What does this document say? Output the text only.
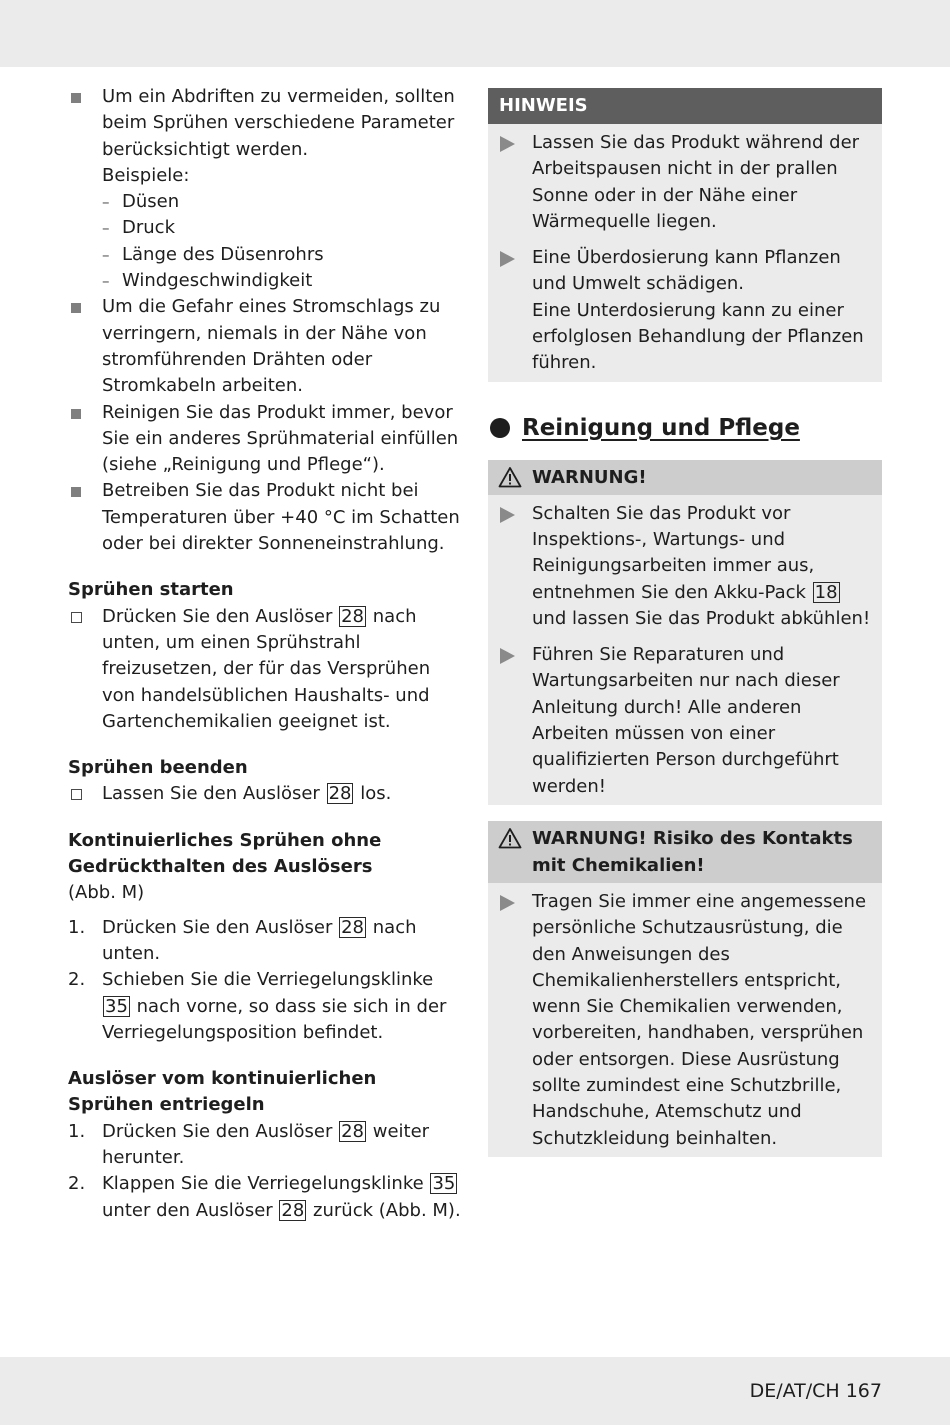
Um ein Abdriften zu vermeiden, sollten beim Sprühen verschiedene Parameter berücksichtigt werden.
Beispiele:
– Düsen
– Druck
– Länge des Düsenrohrs
– Windgeschwindigkeit
Um die Gefahr eines Stromschlags zu verringern, niemals in der Nähe von stromführenden Drähten oder Stromkabeln arbeiten.
Reinigen Sie das Produkt immer, bevor Sie ein anderes Sprühmaterial einfüllen (siehe „Reinigung und Pflege“).
Betreiben Sie das Produkt nicht bei Temperaturen über +40 °C im Schatten oder bei direkter Sonneneinstrahlung.
Sprühen starten
Drücken Sie den Auslöser 28 nach unten, um einen Sprühstrahl freizusetzen, der für das Versprühen von handelsüblichen Haushalts- und Gartenchemikalien geeignet ist.
Sprühen beenden
Lassen Sie den Auslöser 28 los.
Kontinuierliches Sprühen ohne Gedrückthalten des Auslösers
(Abb. M)
1. Drücken Sie den Auslöser 28 nach unten.
2. Schieben Sie die Verriegelungsklinke 35 nach vorne, so dass sie sich in der Verriegelungsposition befindet.
Auslöser vom kontinuierlichen Sprühen entriegeln
1. Drücken Sie den Auslöser 28 weiter herunter.
2. Klappen Sie die Verriegelungsklinke 35 unter den Auslöser 28 zurück (Abb. M).
HINWEIS
Lassen Sie das Produkt während der Arbeitspausen nicht in der prallen Sonne oder in der Nähe einer Wärmequelle liegen.
Eine Überdosierung kann Pflanzen und Umwelt schädigen.
Eine Unterdosierung kann zu einer erfolglosen Behandlung der Pflanzen führen.
Reinigung und Pflege
WARNUNG!
Schalten Sie das Produkt vor Inspektions-, Wartungs- und Reinigungsarbeiten immer aus, entnehmen Sie den Akku-Pack 18 und lassen Sie das Produkt abkühlen!
Führen Sie Reparaturen und Wartungsarbeiten nur nach dieser Anleitung durch! Alle anderen Arbeiten müssen von einer qualifizierten Person durchgeführt werden!
WARNUNG! Risiko des Kontakts mit Chemikalien!
Tragen Sie immer eine angemessene persönliche Schutzausrüstung, die den Anweisungen des Chemikalienherstellers entspricht, wenn Sie Chemikalien verwenden, vorbereiten, handhaben, versprühen oder entsorgen. Diese Ausrüstung sollte zumindest eine Schutzbrille, Handschuhe, Atemschutz und Schutzkleidung beinhalten.
DE/AT/CH 167
